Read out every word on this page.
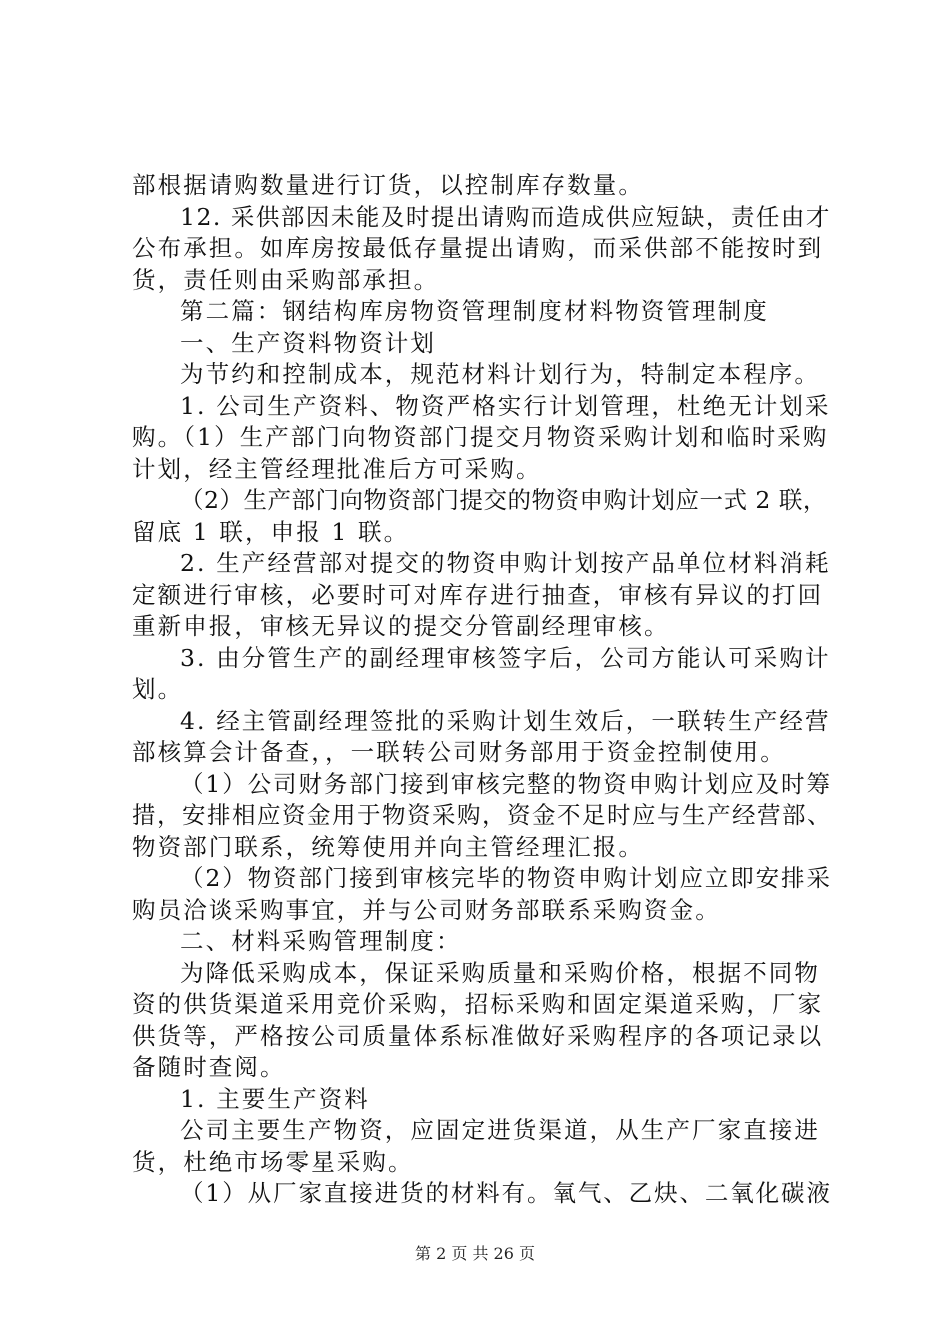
部根据请购数量进行订货，以控制库存数量。
12. 采供部因未能及时提出请购而造成供应短缺，责任由才
公布承担。如库房按最低存量提出请购，而采供部不能按时到
货，责任则由采购部承担。
第二篇：钢结构库房物资管理制度材料物资管理制度
一、生产资料物资计划
为节约和控制成本，规范材料计划行为，特制定本程序。
1. 公司生产资料、物资严格实行计划管理，杜绝无计划采
购。（1）生产部门向物资部门提交月物资采购计划和临时采购
计划，经主管经理批准后方可采购。
（2）生产部门向物资部门提交的物资申购计划应一式 2 联，
留底 1 联，申报 1 联。
2. 生产经营部对提交的物资申购计划按产品单位材料消耗
定额进行审核，必要时可对库存进行抽查，审核有异议的打回
重新申报，审核无异议的提交分管副经理审核。
3. 由分管生产的副经理审核签字后，公司方能认可采购计
划。
4. 经主管副经理签批的采购计划生效后，一联转生产经营
部核算会计备查，，一联转公司财务部用于资金控制使用。
（1）公司财务部门接到审核完整的物资申购计划应及时筹
措，安排相应资金用于物资采购，资金不足时应与生产经营部、
物资部门联系，统筹使用并向主管经理汇报。
（2）物资部门接到审核完毕的物资申购计划应立即安排采
购员洽谈采购事宜，并与公司财务部联系采购资金。
二、材料采购管理制度：
为降低采购成本，保证采购质量和采购价格，根据不同物
资的供货渠道采用竞价采购，招标采购和固定渠道采购，厂家
供货等，严格按公司质量体系标准做好采购程序的各项记录以
备随时查阅。
1. 主要生产资料
公司主要生产物资，应固定进货渠道，从生产厂家直接进
货，杜绝市场零星采购。
（1）从厂家直接进货的材料有。氧气、乙炔、二氧化碳液
第 2 页 共 26 页
